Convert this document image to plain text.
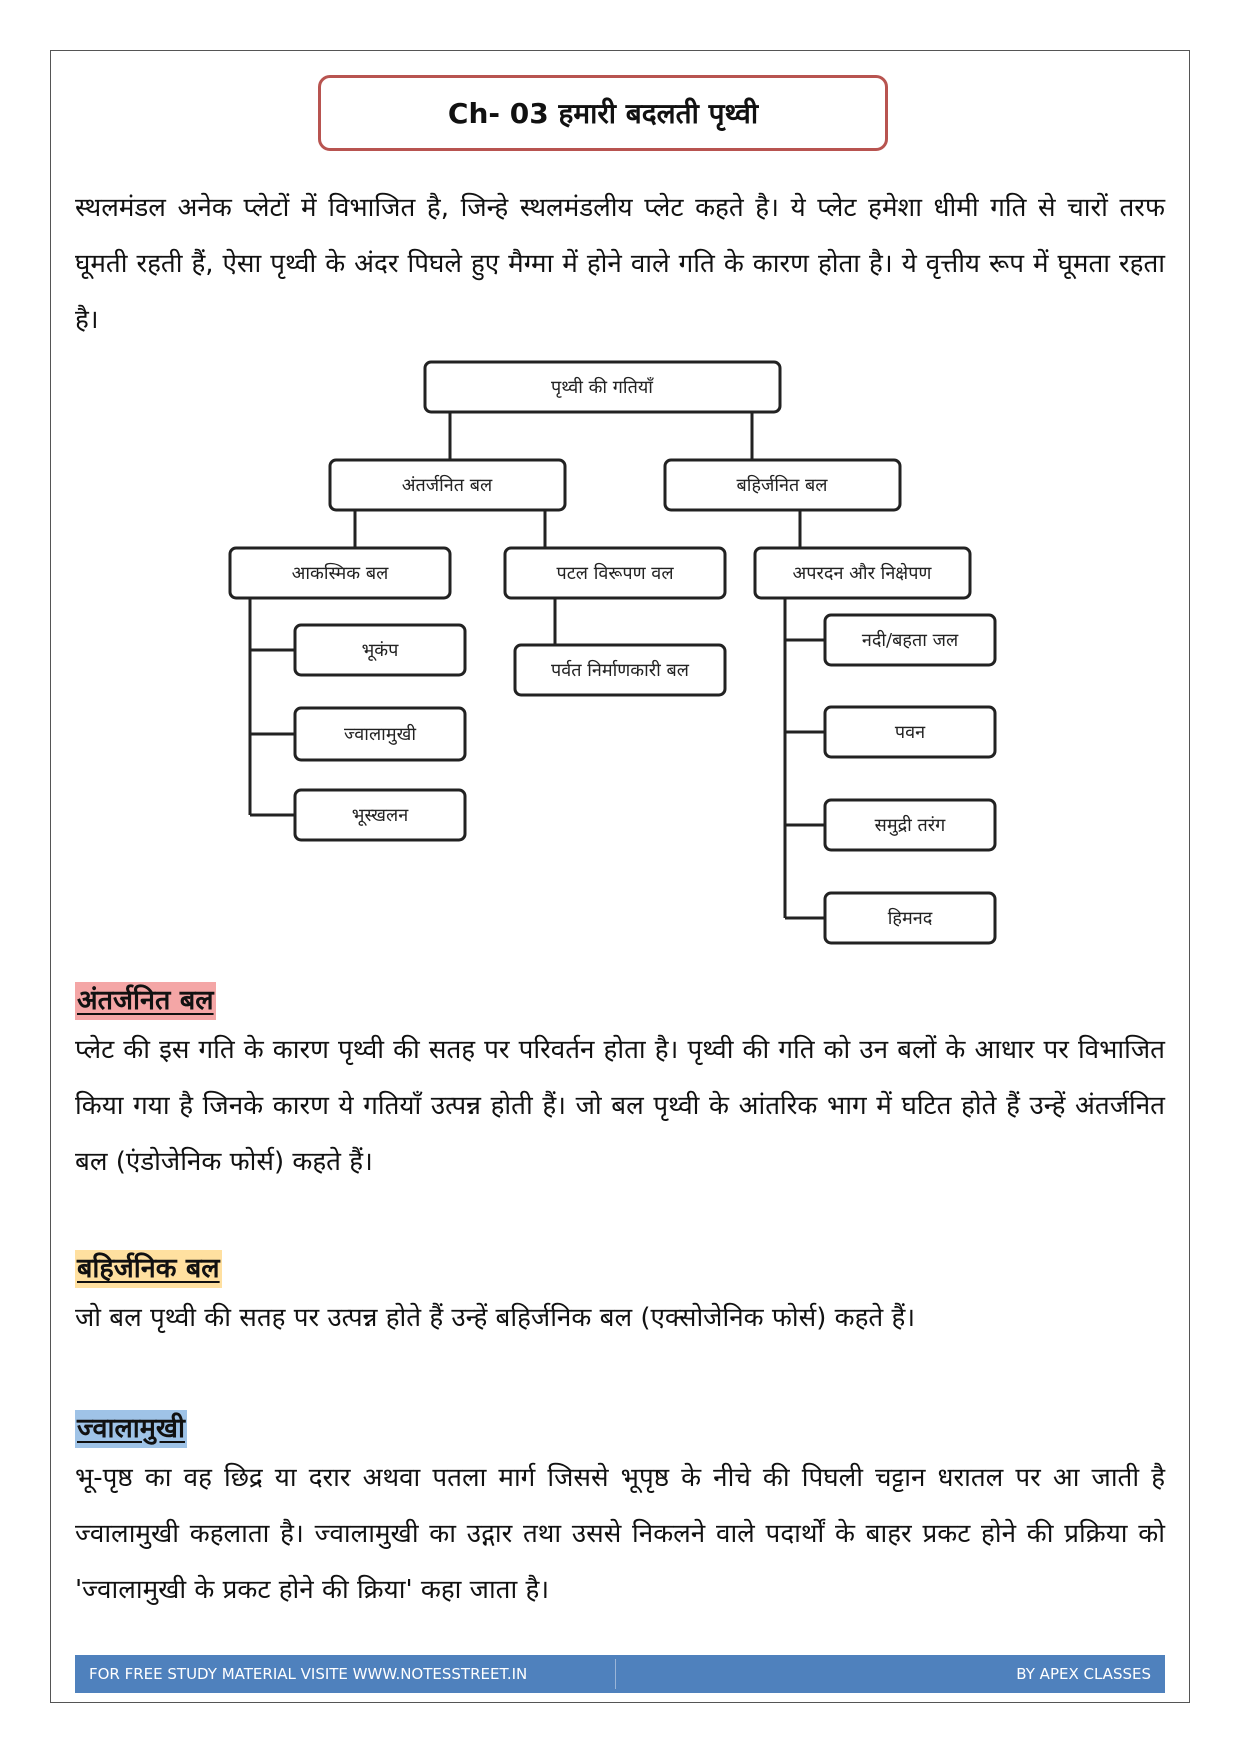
Ch- 03 हमारी बदलती पृथ्वी

स्थलमंडल अनेक प्लेटों में विभाजित है, जिन्हे स्थलमंडलीय प्लेट कहते है। ये प्लेट हमेशा धीमी गति से चारों तरफ घूमती रहती हैं, ऐसा पृथ्वी के अंदर पिघले हुए मैग्मा में होने वाले गति के कारण होता है। ये वृत्तीय रूप में घूमता रहता है।

पृथ्वी की गतियाँ
अंतर्जनित बल	बहिर्जनित बल
आकस्मिक बल	पटल विरूपण वल	अपरदन और निक्षेपण
भूकंप
ज्वालामुखी
भूस्खलन
पर्वत निर्माणकारी बल
नदी/बहता जल
पवन
समुद्री तरंग
हिमनद
अंतर्जनित बल

प्लेट की इस गति के कारण पृथ्वी की सतह पर परिवर्तन होता है। पृथ्वी की गति को उन बलों के आधार पर विभाजित किया गया है जिनके कारण ये गतियाँ उत्पन्न होती हैं। जो बल पृथ्वी के आंतरिक भाग में घटित होते हैं उन्हें अंतर्जनित बल (एंडोजेनिक फोर्स) कहते हैं।

बहिर्जनिक बल

जो बल पृथ्वी की सतह पर उत्पन्न होते हैं उन्हें बहिर्जनिक बल (एक्सोजेनिक फोर्स) कहते हैं।

ज्वालामुखी

भू-पृष्ठ का वह छिद्र या दरार अथवा पतला मार्ग जिससे भूपृष्ठ के नीचे की पिघली चट्टान धरातल पर आ जाती है ज्वालामुखी कहलाता है। ज्वालामुखी का उद्गार तथा उससे निकलने वाले पदार्थों के बाहर प्रकट होने की प्रक्रिया को 'ज्वालामुखी के प्रकट होने की क्रिया' कहा जाता है।

FOR FREE STUDY MATERIAL VISITE WWW.NOTESSTREET.IN	BY APEX CLASSES
